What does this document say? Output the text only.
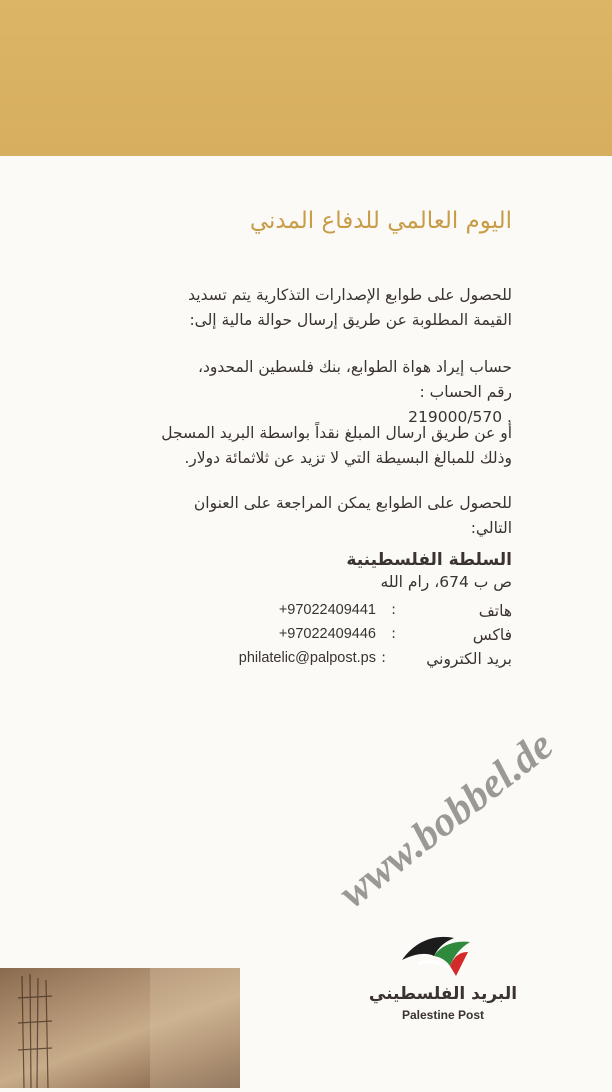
اليوم العالمي للدفاع المدني
للحصول على طوابع الإصدارات التذكارية يتم تسديد
القيمة المطلوبة عن طريق إرسال حوالة مالية إلى:
حساب إيراد هواة الطوابع، بنك فلسطين المحدود،
رقم الحساب :
219000/570 .
أو عن طريق ارسال المبلغ نقداً بواسطة البريد المسجل
وذلك للمبالغ البسيطة التي لا تزيد عن ثلاثمائة دولار.
للحصول على الطوابع يمكن المراجعة على العنوان
التالي:
السلطة الفلسطينية
ص ب 674، رام الله
هاتف
:
+97022409441
فاكس
:
+97022409446
بريد الكتروني
:
philatelic@palpost.ps
البريد الفلسطيني
Palestine Post
www.bobbel.de
